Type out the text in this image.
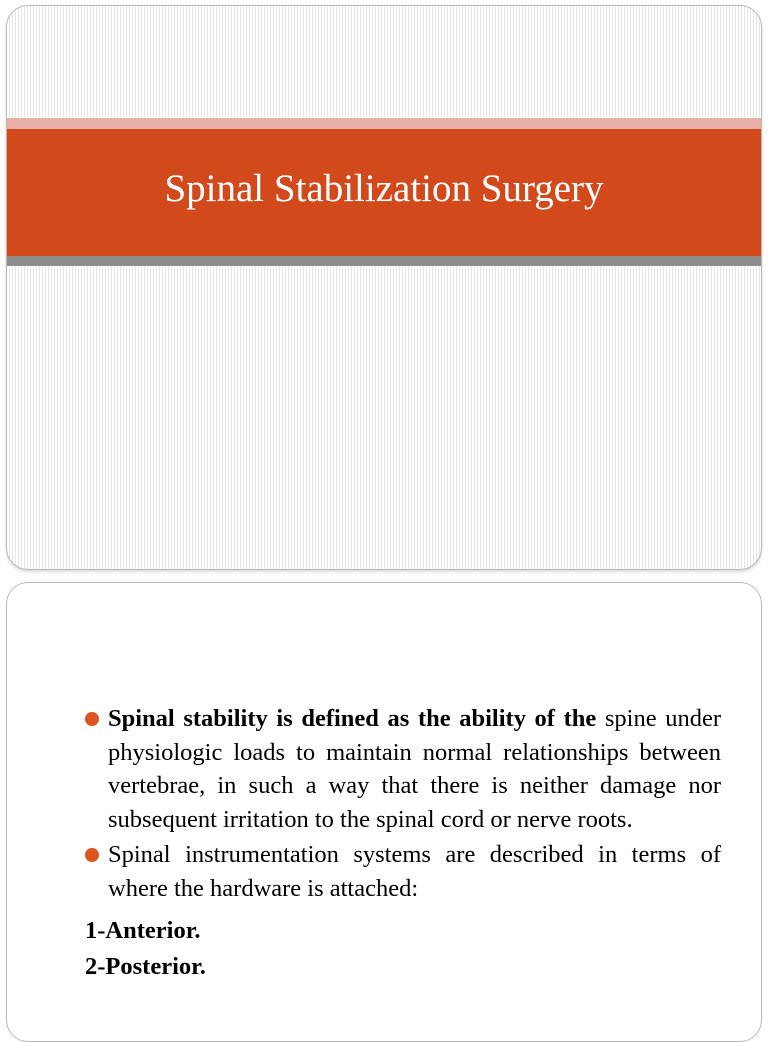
Spinal Stabilization Surgery
Spinal stability is defined as the ability of the spine under physiologic loads to maintain normal relationships between vertebrae, in such a way that there is neither damage nor subsequent irritation to the spinal cord or nerve roots.
Spinal instrumentation systems are described in terms of where the hardware is attached:
1-Anterior.
2-Posterior.
